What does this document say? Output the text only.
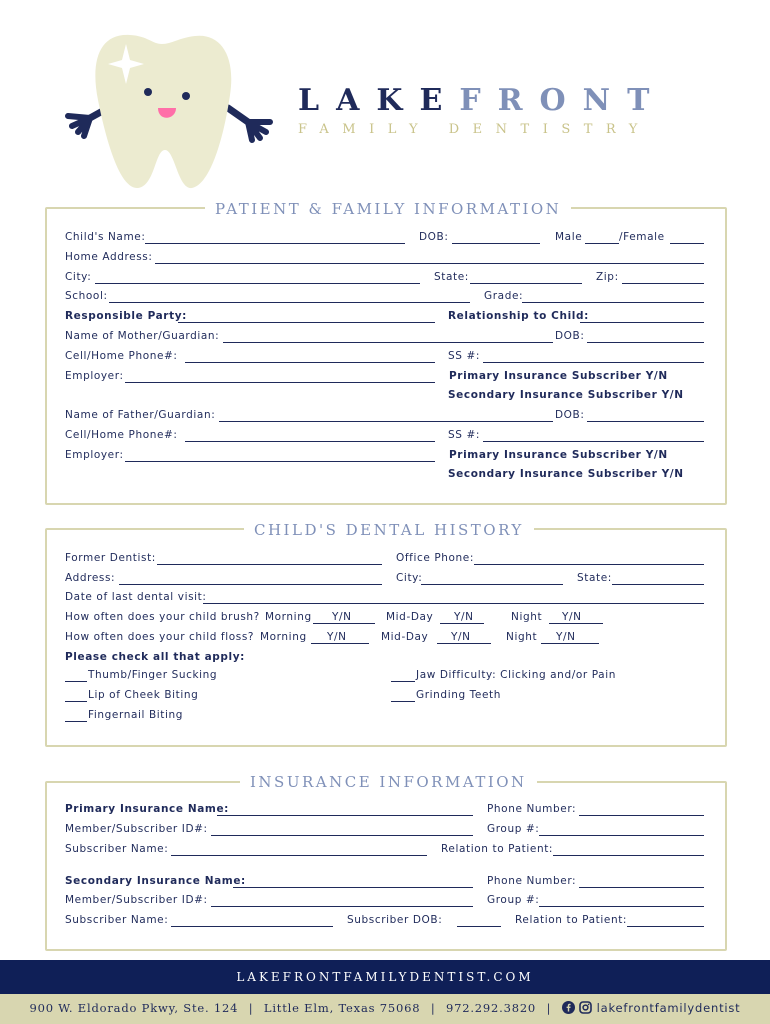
LAKEFRONT
FAMILY DENTISTRY
PATIENT & FAMILY INFORMATION
Child's Name:	DOB:	Male	/Female
Home Address:
City:	State:	Zip:
School:	Grade:
Responsible Party:	Relationship to Child:
Name of Mother/Guardian:	DOB:
Cell/Home Phone#:	SS #:
Employer:	Primary Insurance Subscriber Y/N
Secondary Insurance Subscriber Y/N
Name of Father/Guardian:	DOB:
Cell/Home Phone#:	SS #:
Employer:	Primary Insurance Subscriber Y/N
Secondary Insurance Subscriber Y/N
CHILD'S DENTAL HISTORY
Former Dentist:	Office Phone:
Address:	City:	State:
Date of last dental visit:
How often does your child brush? Morning Y/N	Mid-Day Y/N	Night Y/N
How often does your child floss? Morning Y/N	Mid-Day Y/N	Night Y/N
Please check all that apply:
Thumb/Finger Sucking	Jaw Difficulty: Clicking and/or Pain
Lip of Cheek Biting	Grinding Teeth
Fingernail Biting
INSURANCE INFORMATION
Primary Insurance Name:	Phone Number:
Member/Subscriber ID#:	Group #:
Subscriber Name:	Relation to Patient:
Secondary Insurance Name:	Phone Number:
Member/Subscriber ID#:	Group #:
Subscriber Name:	Subscriber DOB:	Relation to Patient:
LAKEFRONTFAMILYDENTIST.COM
900 W. Eldorado Pkwy, Ste. 124 | Little Elm, Texas 75068 | 972.292.3820 |	lakefrontfamilydentist
